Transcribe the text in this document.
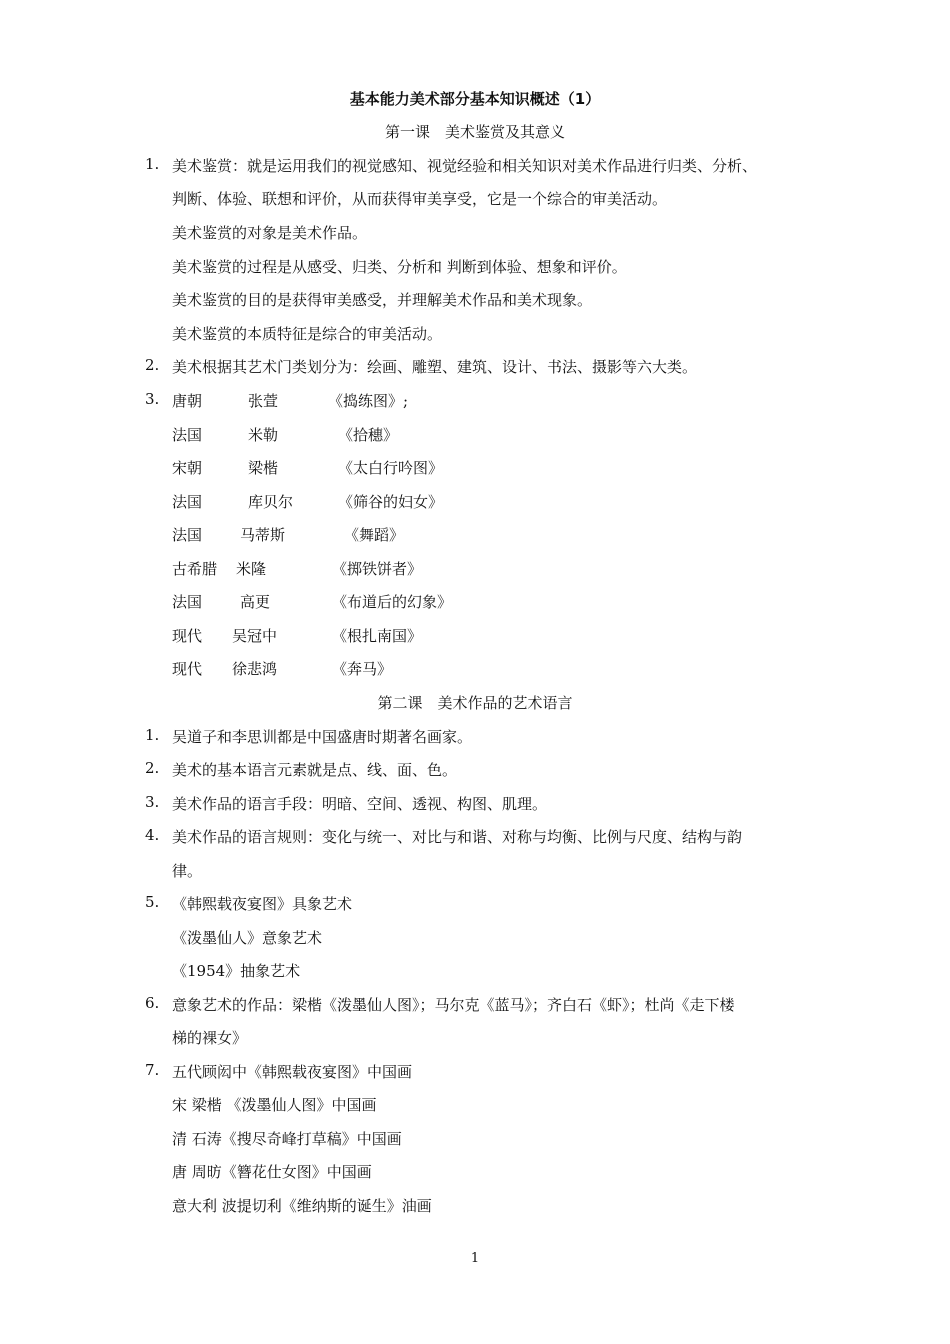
基本能力美术部分基本知识概述（1）
第一课　美术鉴赏及其意义
1. 美术鉴赏：就是运用我们的视觉感知、视觉经验和相关知识对美术作品进行归类、分析、
判断、体验、联想和评价，从而获得审美享受，它是一个综合的审美活动。
美术鉴赏的对象是美术作品。
美术鉴赏的过程是从感受、归类、分析和 判断到体验、想象和评价。
美术鉴赏的目的是获得审美感受，并理解美术作品和美术现象。
美术鉴赏的本质特征是综合的审美活动。
2. 美术根据其艺术门类划分为：绘画、雕塑、建筑、设计、书法、摄影等六大类。
3. 唐朝	张萱	《捣练图》;
法国	米勒	《拾穗》
宋朝	梁楷	《太白行吟图》
法国	库贝尔	《筛谷的妇女》
法国	马蒂斯	《舞蹈》
古希腊 米隆	《掷铁饼者》
法国	高更	《布道后的幻象》
现代 吴冠中	《根扎南国》
现代 徐悲鸿	《奔马》
第二课　美术作品的艺术语言
1. 吴道子和李思训都是中国盛唐时期著名画家。
2. 美术的基本语言元素就是点、线、面、色。
3. 美术作品的语言手段：明暗、空间、透视、构图、肌理。
4. 美术作品的语言规则：变化与统一、对比与和谐、对称与均衡、比例与尺度、结构与韵
律。
5. 《韩熙载夜宴图》具象艺术
《泼墨仙人》意象艺术
《1954》抽象艺术
6. 意象艺术的作品：梁楷《泼墨仙人图》；马尔克《蓝马》；齐白石《虾》；杜尚《走下楼
梯的裸女》
7. 五代顾闳中《韩熙载夜宴图》中国画
宋 梁楷 《泼墨仙人图》中国画
清 石涛《搜尽奇峰打草稿》中国画
唐 周昉《簪花仕女图》中国画
意大利 波提切利《维纳斯的诞生》油画
1
